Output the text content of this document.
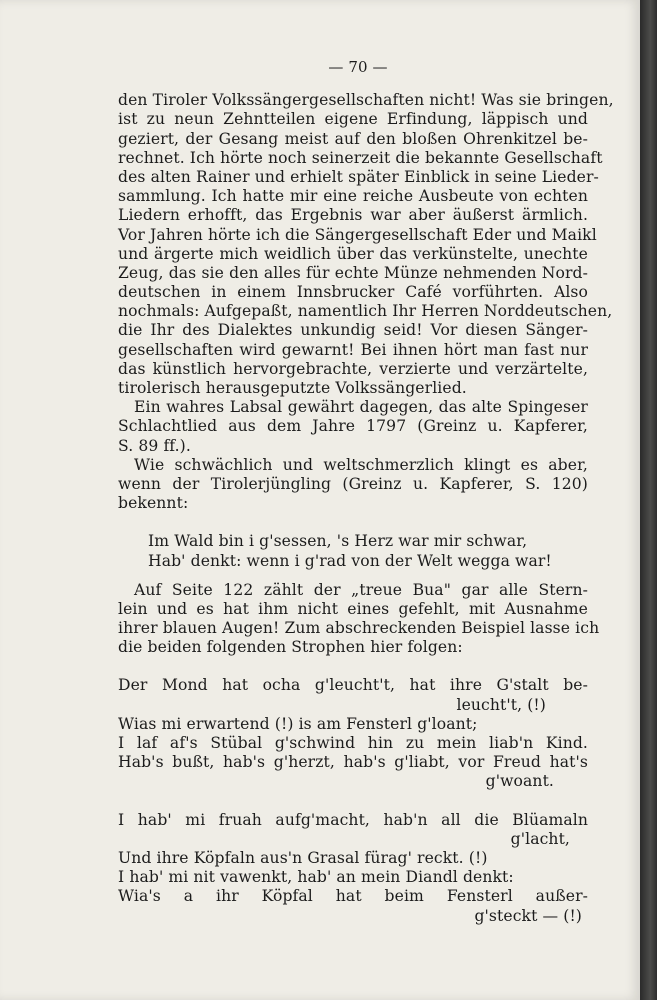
— 70 —
den Tiroler Volkssängergesellschaften nicht! Was sie bringen,
ist zu neun Zehntteilen eigene Erfindung, läppisch und
geziert, der Gesang meist auf den bloßen Ohrenkitzel be-
rechnet. Ich hörte noch seinerzeit die bekannte Gesellschaft
des alten Rainer und erhielt später Einblick in seine Lieder-
sammlung. Ich hatte mir eine reiche Ausbeute von echten
Liedern erhofft, das Ergebnis war aber äußerst ärmlich.
Vor Jahren hörte ich die Sängergesellschaft Eder und Maikl
und ärgerte mich weidlich über das verkünstelte, unechte
Zeug, das sie den alles für echte Münze nehmenden Nord-
deutschen in einem Innsbrucker Café vorführten. Also
nochmals: Aufgepaßt, namentlich Ihr Herren Norddeutschen,
die Ihr des Dialektes unkundig seid! Vor diesen Sänger-
gesellschaften wird gewarnt! Bei ihnen hört man fast nur
das künstlich hervorgebrachte, verzierte und verzärtelte,
tirolerisch herausgeputzte Volkssängerlied.
Ein wahres Labsal gewährt dagegen, das alte Spingeser
Schlachtlied aus dem Jahre 1797 (Greinz u. Kapferer,
S. 89 ff.).
Wie schwächlich und weltschmerzlich klingt es aber,
wenn der Tirolerjüngling (Greinz u. Kapferer, S. 120)
bekennt:
Im Wald bin i g'sessen, 's Herz war mir schwar,
Hab' denkt: wenn i g'rad von der Welt weggа war!
Auf Seite 122 zählt der „treue Bua" gar alle Stern-
lein und es hat ihm nicht eines gefehlt, mit Ausnahme
ihrer blauen Augen! Zum abschreckenden Beispiel lasse ich
die beiden folgenden Strophen hier folgen:
Der Mond hat ocha g'leucht't, hat ihre G'stalt be-
leucht't, (!)
Wias mi erwartend (!) is am Fensterl g'loant;
I laf af's Stübal g'schwind hin zu mein liab'n Kind.
Hab's bußt, hab's g'herzt, hab's g'liabt, vor Freud hat's
g'woant.
I hab' mi fruah aufg'macht, hab'n all die Blüamaln
g'lacht,
Und ihre Köpfaln aus'n Grasal fürag' reckt. (!)
I hab' mi nit vawenkt, hab' an mein Diandl denkt:
Wia's a ihr Köpfal hat beim Fensterl außer-
g'steckt — (!)
